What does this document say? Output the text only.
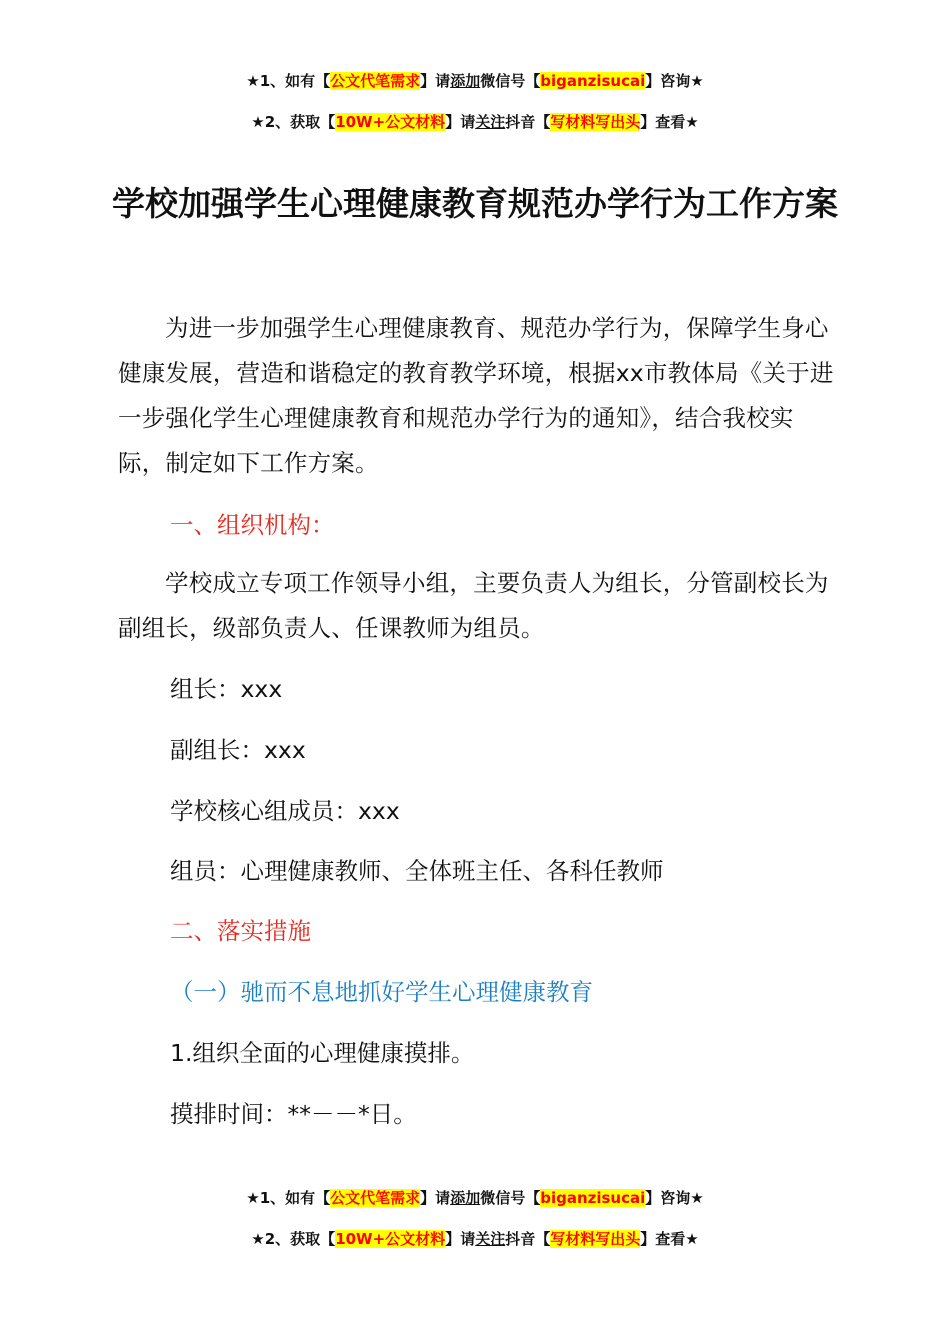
★1、如有【公文代笔需求】请添加微信号【biganzisucai】咨询★
★2、获取【10W+公文材料】请关注抖音【写材料写出头】查看★
学校加强学生心理健康教育规范办学行为工作方案
为进一步加强学生心理健康教育、规范办学行为，保障学生身心健康发展，营造和谐稳定的教育教学环境，根据xx市教体局《关于进一步强化学生心理健康教育和规范办学行为的通知》，结合我校实际，制定如下工作方案。
一、组织机构：
学校成立专项工作领导小组，主要负责人为组长，分管副校长为副组长，级部负责人、任课教师为组员。
组长：xxx
副组长：xxx
学校核心组成员：xxx
组员：心理健康教师、全体班主任、各科任教师
二、落实措施
（一）驰而不息地抓好学生心理健康教育
1.组织全面的心理健康摸排。
摸排时间：**－－*日。
★1、如有【公文代笔需求】请添加微信号【biganzisucai】咨询★
★2、获取【10W+公文材料】请关注抖音【写材料写出头】查看★
